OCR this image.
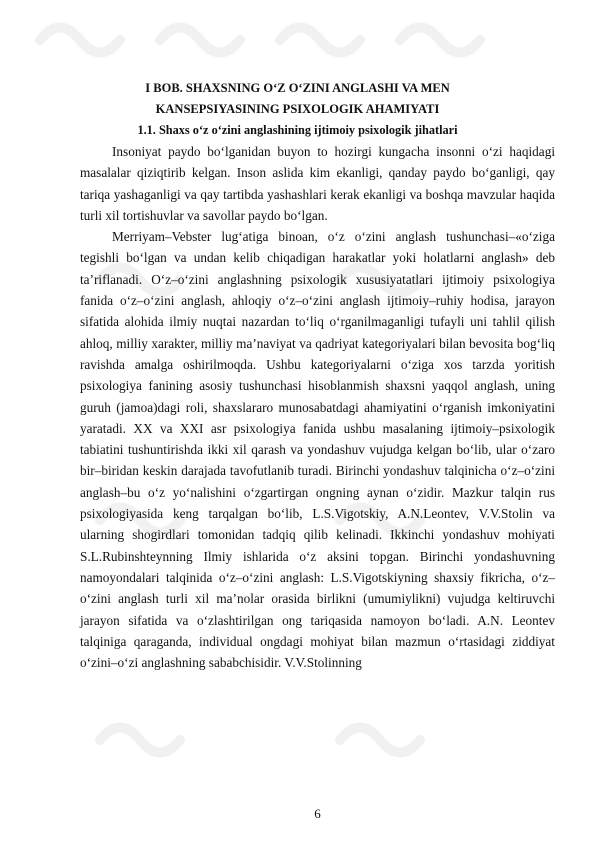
I BOB. SHAXSNING O‘Z O‘ZINI ANGLASHI VA MEN
KANSEPSIYASINING PSIXOLOGIK AHAMIYATI
1.1. Shaxs o‘z o‘zini anglashining ijtimoiy psixologik jihatlari

Insoniyat paydo bo‘lganidan buyon to hozirgi kungacha insonni o‘zi haqidagi masalalar qiziqtirib kelgan. Inson aslida kim ekanligi, qanday paydo bo‘ganligi, qay tariqa yashaganligi va qay tartibda yashashlari kerak ekanligi va boshqa mavzular haqida turli xil tortishuvlar va savollar paydo bo‘lgan.

Merriyam–Vebster lug‘atiga binoan, o‘z o‘zini anglash tushunchasi–«o‘ziga tegishli bo‘lgan va undan kelib chiqadigan harakatlar yoki holatlarni anglash» deb ta’riflanadi. O‘z–o‘zini anglashning psixologik xususiyatatlari ijtimoiy psixologiya fanida o‘z–o‘zini anglash, ahloqiy o‘z–o‘zini anglash ijtimoiy–ruhiy hodisa, jarayon sifatida alohida ilmiy nuqtai nazardan to‘liq o‘rganilmaganligi tufayli uni tahlil qilish ahloq, milliy xarakter, milliy ma’naviyat va qadriyat kategoriyalari bilan bevosita bog‘liq ravishda amalga oshirilmoqda. Ushbu kategoriyalarni o‘ziga xos tarzda yoritish psixologiya fanining asosiy tushunchasi hisoblanmish shaxsni yaqqol anglash, uning guruh (jamoa)dagi roli, shaxslararo munosabatdagi ahamiyatini o‘rganish imkoniyatini yaratadi. XX va XXI asr psixologiya fanida ushbu masalaning ijtimoiy–psixologik tabiatini tushuntirishda ikki xil qarash va yondashuv vujudga kelgan bo‘lib, ular o‘zaro bir–biridan keskin darajada tavofutlanib turadi. Birinchi yondashuv talqinicha o‘z–o‘zini anglash–bu o‘z yo‘nalishini o‘zgartirgan ongning aynan o‘zidir. Mazkur talqin rus psixologiyasida keng tarqalgan bo‘lib, L.S.Vigotskiy, A.N.Leontev, V.V.Stolin va ularning shogirdlari tomonidan tadqiq qilib kelinadi. Ikkinchi yondashuv mohiyati S.L.Rubinshteynning Ilmiy ishlarida o‘z aksini topgan. Birinchi yondashuvning namoyondalari talqinida o‘z–o‘zini anglash: L.S.Vigotskiyning shaxsiy fikricha, o‘z–o‘zini anglash turli xil ma’nolar orasida birlikni (umumiylikni) vujudga keltiruvchi jarayon sifatida va o‘zlashtirilgan ong tariqasida namoyon bo‘ladi. A.N. Leontev talqiniga qaraganda, individual ongdagi mohiyat bilan mazmun o‘rtasidagi ziddiyat o‘zini–o‘zi anglashning sababchisidir. V.V.Stolinning

6
